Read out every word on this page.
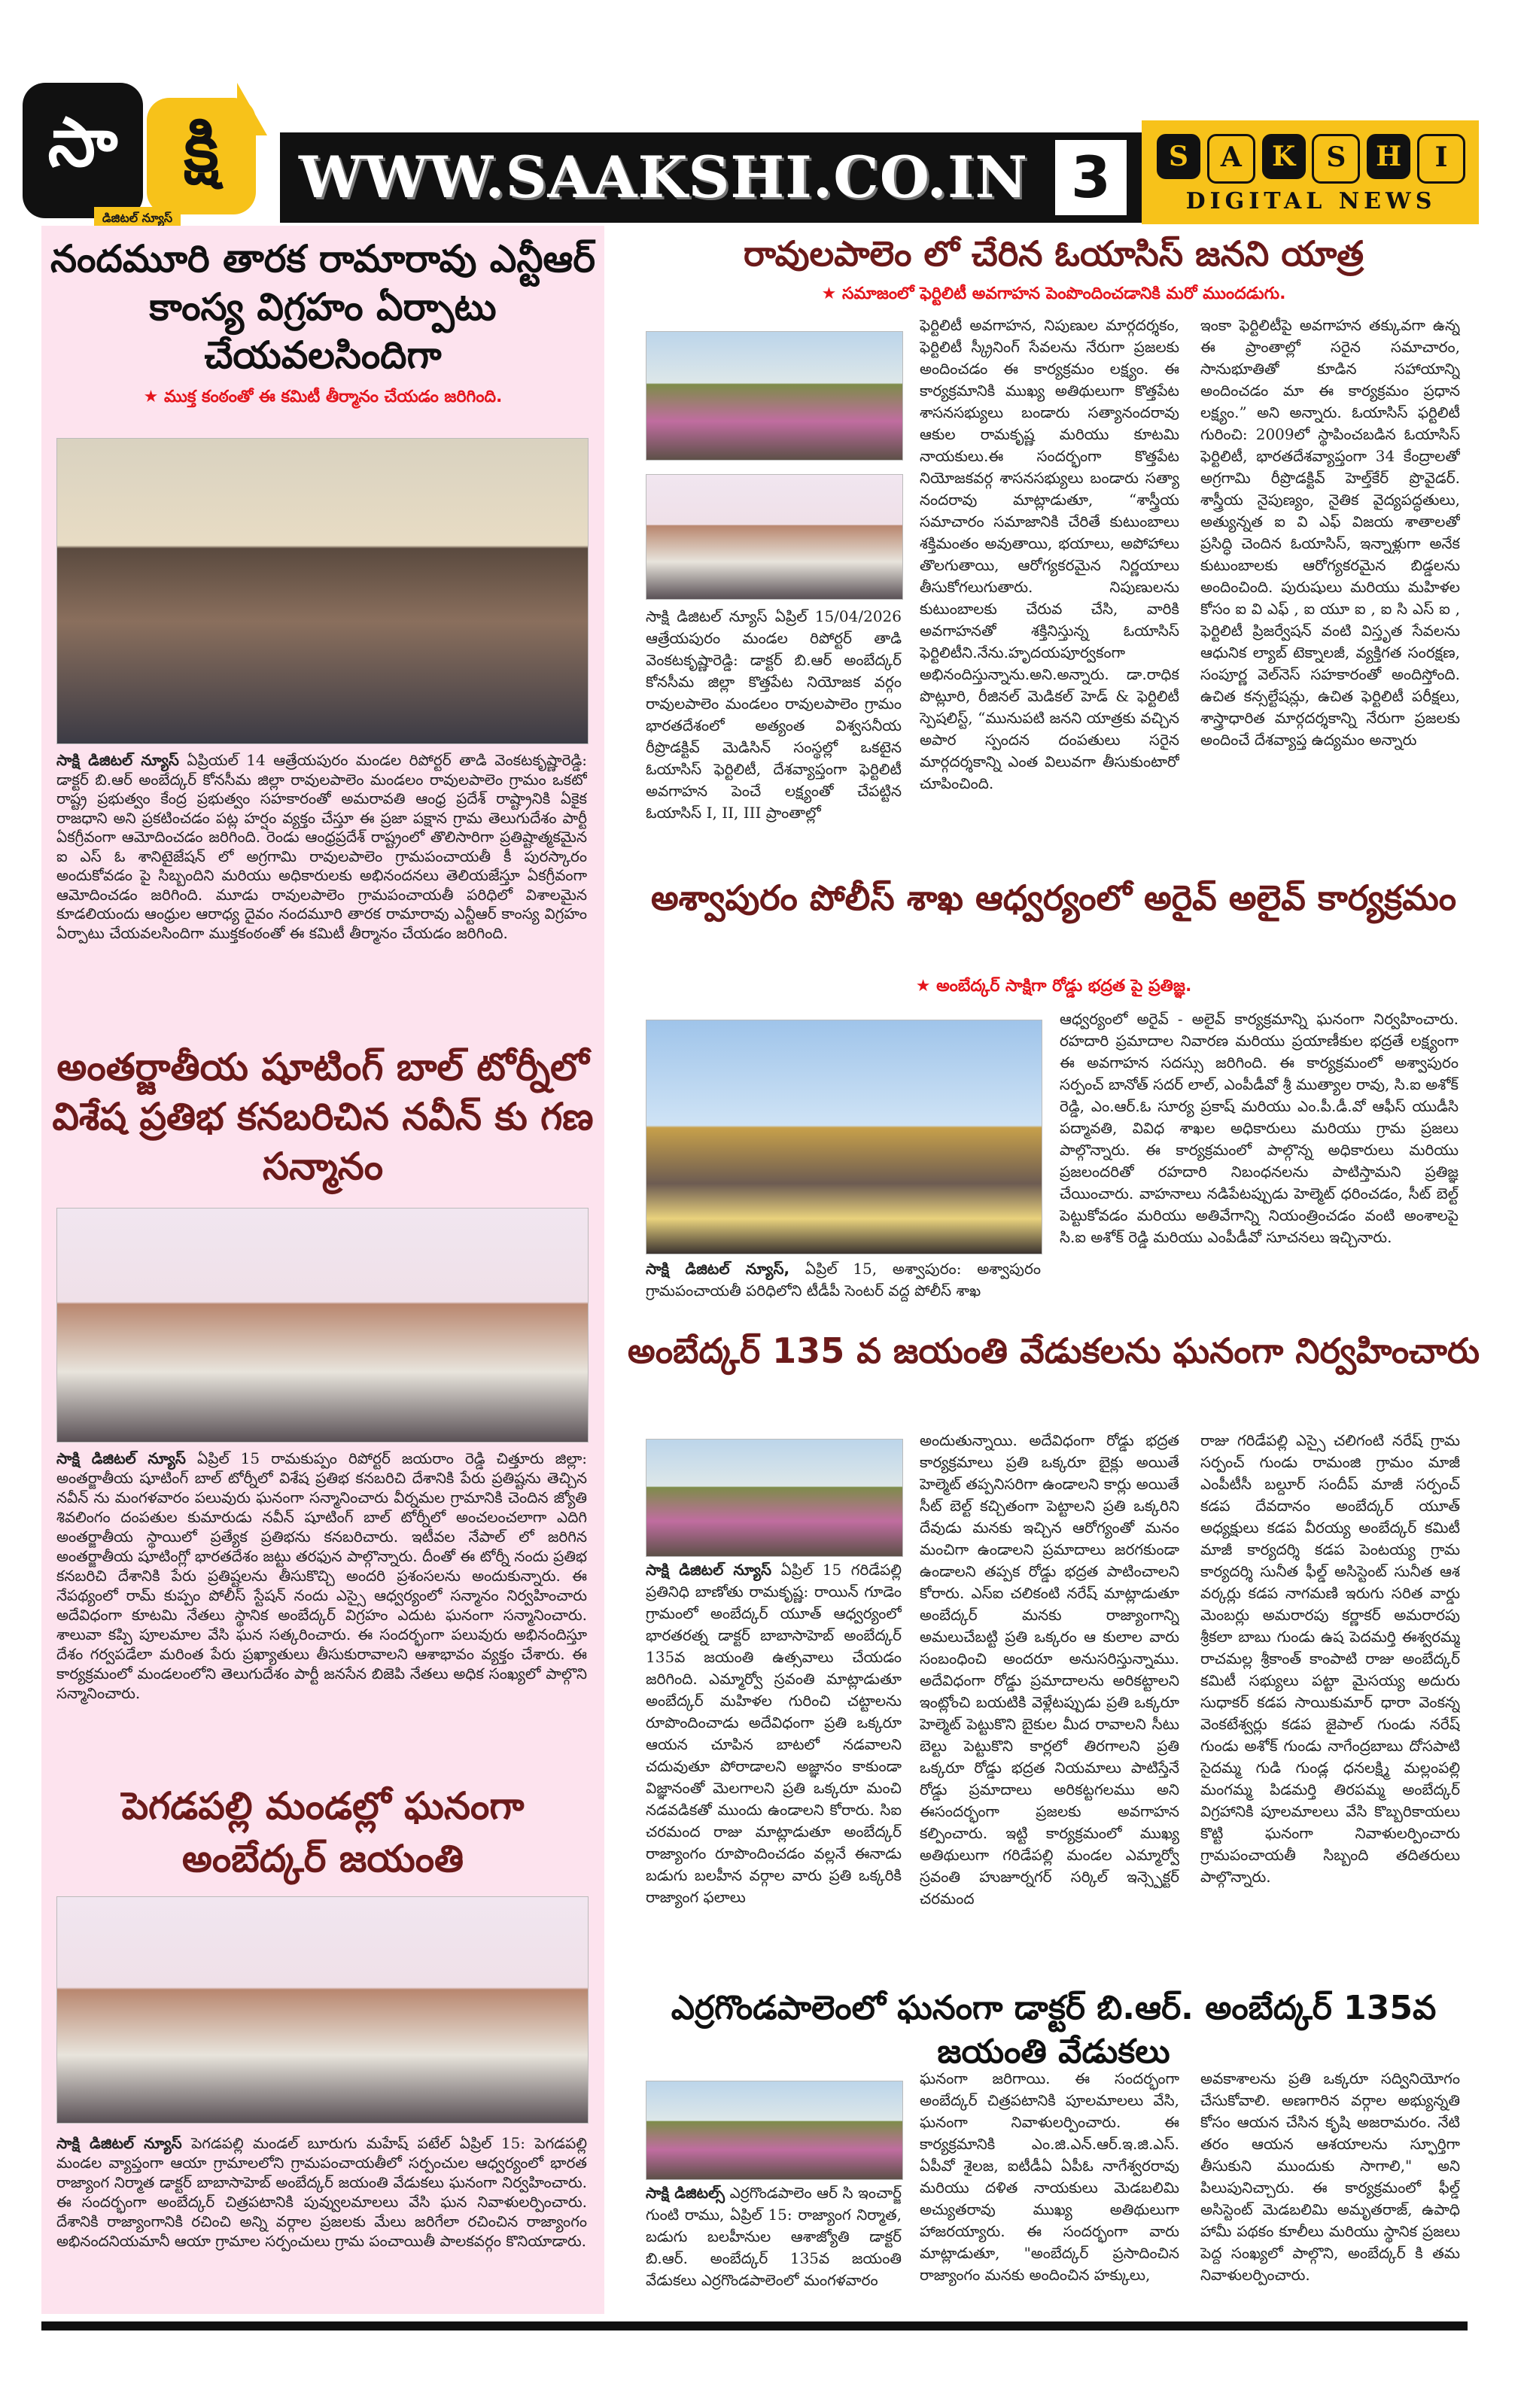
సా	క్షి
డిజిటల్ న్యూస్
WWW.SAAKSHI.CO.IN 3	S	A	K	S	H	I
DIGITAL NEWS
నందమూరి తారక రామారావు ఎన్టీఆర్ కాంస్య విగ్రహం ఏర్పాటు చేయవలసిందిగా
★ ముక్త కంఠంతో ఈ కమిటీ తీర్మానం చేయడం జరిగింది.
సాక్షి డిజిటల్ న్యూస్ ఏప్రియల్ 14 ఆత్రేయపురం మండల రిపోర్టర్ తాడి వెంకటకృష్ణారెడ్డి: డాక్టర్ బి.ఆర్ అంబేద్కర్ కోనసీమ జిల్లా రావులపాలెం మండలం రావులపాలెం గ్రామం ఒకటో రాష్ట్ర ప్రభుత్వం కేంద్ర ప్రభుత్వం సహకారంతో అమరావతి ఆంధ్ర ప్రదేశ్ రాష్ట్రానికి ఏకైక రాజధాని అని ప్రకటించడం పట్ల హర్షం వ్యక్తం చేస్తూ ఈ ప్రజా పక్షాన గ్రామ తెలుగుదేశం పార్టీ ఏకగ్రీవంగా ఆమోదించడం జరిగింది. రెండు ఆంధ్రప్రదేశ్ రాష్ట్రంలో తొలిసారిగా ప్రతిష్టాత్మకమైన ఐ ఎస్ ఓ శానిటైజేషన్ లో అగ్రగామి రావులపాలెం గ్రామపంచాయతీ కీ పురస్కారం అందుకోవడం పై సిబ్బందిని మరియు అధికారులకు అభినందనలు తెలియజేస్తూ ఏకగ్రీవంగా ఆమోదించడం జరిగింది. మూడు రావులపాలెం గ్రామపంచాయతీ పరిధిలో విశాలమైన కూడలియందు ఆంధ్రుల ఆరాధ్య దైవం నందమూరి తారక రామారావు ఎన్టీఆర్ కాంస్య విగ్రహం ఏర్పాటు చేయవలసిందిగా ముక్తకంఠంతో ఈ కమిటీ తీర్మానం చేయడం జరిగింది.
అంతర్జాతీయ షూటింగ్ బాల్ టోర్నీలో విశేష ప్రతిభ కనబరిచిన నవీన్ కు గణ సన్మానం
సాక్షి డిజిటల్ న్యూస్ ఏప్రిల్ 15 రామకుప్పం రిపోర్టర్ జయరాం రెడ్డి చిత్తూరు జిల్లా: అంతర్జాతీయ షూటింగ్ బాల్ టోర్నీలో విశేష ప్రతిభ కనబరిచి దేశానికి పేరు ప్రతిష్టను తెచ్చిన నవీన్ ను మంగళవారం పలువురు ఘనంగా సన్మానించారు వీర్నమల గ్రామానికి చెందిన జ్యోతి శివలింగం దంపతుల కుమారుడు నవీన్ షూటింగ్ బాల్ టోర్నీలో అంచలంచలాగా ఎదిగి అంతర్జాతీయ స్థాయిలో ప్రత్యేక ప్రతిభను కనబరిచారు. ఇటీవల నేపాల్ లో జరిగిన అంతర్జాతీయ షూటింగ్లో భారతదేశం జట్టు తరఫున పాల్గొన్నారు. దీంతో ఈ టోర్నీ నందు ప్రతిభ కనబరిచి దేశానికి పేరు ప్రతిష్టలను తీసుకొచ్చి అందరి ప్రశంసలను అందుకున్నారు. ఈ నేపథ్యంలో రామ్ కుప్పం పోలీస్ స్టేషన్ నందు ఎస్సై ఆధ్వర్యంలో సన్మానం నిర్వహించారు అదేవిధంగా కూటమి నేతలు స్థానిక అంబేద్కర్ విగ్రహం ఎదుట ఘనంగా సన్మానించారు. శాలువా కప్పి పూలమాల వేసి ఘన సత్కరించారు. ఈ సందర్భంగా పలువురు అభినందిస్తూ దేశం గర్వపడేలా మరింత పేరు ప్రఖ్యాతులు తీసుకురావాలని ఆశాభావం వ్యక్తం చేశారు. ఈ కార్యక్రమంలో మండలంలోని తెలుగుదేశం పార్టీ జనసేన బిజెపి నేతలు అధిక సంఖ్యలో పాల్గొని సన్మానించారు.
పెగడపల్లి మండల్లో ఘనంగా అంబేద్కర్ జయంతి
సాక్షి డిజిటల్ న్యూస్ పెగడపల్లి మండల్ బూరుగు మహేష్ పటేల్ ఏప్రిల్ 15: పెగడపల్లి మండల వ్యాప్తంగా ఆయా గ్రామాలలోని గ్రామపంచాయతీలో సర్పంచుల ఆధ్వర్యంలో భారత రాజ్యాంగ నిర్మాత డాక్టర్ బాబాసాహెబ్ అంబేద్కర్ జయంతి వేడుకలు ఘనంగా నిర్వహించారు. ఈ సందర్భంగా అంబేద్కర్ చిత్రపటానికి పువ్వులమాలలు వేసి ఘన నివాళులర్పించారు. దేశానికి రాజ్యాంగానికి రచించి అన్ని వర్గాల ప్రజలకు మేలు జరిగేలా రచించిన రాజ్యాంగం అభినందనియమానీ ఆయా గ్రామాల సర్పంచులు గ్రామ పంచాయితీ పాలకవర్గం కొనియాడారు.
రావులపాలెం లో చేరిన ఓయాసిస్ జనని యాత్ర
★ సమాజంలో ఫెర్టిలిటీ అవగాహన పెంపొందించడానికి మరో ముందడుగు.
సాక్షి డిజిటల్ న్యూస్ ఏప్రిల్ 15/04/2026 ఆత్రేయపురం మండల రిపోర్టర్ తాడి వెంకటకృష్ణారెడ్డి: డాక్టర్ బి.ఆర్ అంబేద్కర్ కోనసీమ జిల్లా కొత్తపేట నియోజక వర్గం రావులపాలెం మండలం రావులపాలెం గ్రామం భారతదేశంలో అత్యంత విశ్వసనీయ రీప్రొడక్టివ్ మెడిసిన్ సంస్థల్లో ఒకటైన ఓయాసిస్ ఫెర్టిలిటీ, దేశవ్యాప్తంగా ఫెర్టిలిటీ అవగాహన పెంచే లక్ష్యంతో చేపట్టిన ఓయాసిస్ I, II, III ప్రాంతాల్లో
ఫెర్టిలిటీ అవగాహన, నిపుణుల మార్గదర్శకం, ఫెర్టిలిటీ స్క్రీనింగ్ సేవలను నేరుగా ప్రజలకు అందించడం ఈ కార్యక్రమం లక్ష్యం. ఈ కార్యక్రమానికి ముఖ్య అతిథులుగా కొత్తపేట శాసనసభ్యులు బండారు సత్యానందరావు ఆకుల రామకృష్ణ మరియు కూటమి నాయకులు.ఈ సందర్భంగా కొత్తపేట నియోజకవర్గ శాసనసభ్యులు బండారు సత్యా నందరావు మాట్లాడుతూ, “శాస్త్రీయ సమాచారం సమాజానికి చేరితే కుటుంబాలు శక్తిమంతం అవుతాయి, భయాలు, అపోహాలు తొలగుతాయి, ఆరోగ్యకరమైన నిర్ణయాలు తీసుకోగలుగుతారు. నిపుణులను కుటుంబాలకు చేరువ చేసి, వారికి అవగాహనతో శక్తినిస్తున్న ఓయాసిస్ ఫెర్టిలిటీని.నేను.హృదయపూర్వకంగా అభినందిస్తున్నాను.అని.అన్నారు. డా.రాధిక పొట్లూరి, రీజినల్ మెడికల్ హెడ్ & ఫెర్టిలిటీ స్పెషలిస్ట్, “మునుపటి జనని యాత్రకు వచ్చిన అపార స్పందన దంపతులు సరైన మార్గదర్శకాన్ని ఎంత విలువగా తీసుకుంటారో చూపించింది.
ఇంకా ఫెర్టిలిటీపై అవగాహన తక్కువగా ఉన్న ఈ ప్రాంతాల్లో సరైన సమాచారం, సానుభూతితో కూడిన సహాయాన్ని అందించడం మా ఈ కార్యక్రమం ప్రధాన లక్ష్యం.” అని అన్నారు. ఓయాసిస్ ఫర్టిలిటీ గురించి: 2009లో స్థాపించబడిన ఓయాసిస్ ఫెర్టిలిటీ, భారతదేశవ్యాప్తంగా 34 కేంద్రాలతో అగ్రగామి రీప్రొడక్టివ్ హెల్త్‌కేర్ ప్రొవైడర్. శాస్త్రీయ నైపుణ్యం, నైతిక వైద్యపద్ధతులు, అత్యున్నత ఐ వి ఎఫ్ విజయ శాతాలతో ప్రసిద్ధి చెందిన ఓయాసిస్, ఇన్నాళ్లుగా అనేక కుటుంబాలకు ఆరోగ్యకరమైన బిడ్డలను అందించింది. పురుషులు మరియు మహిళల కోసం ఐ వి ఎఫ్ , ఐ యూ ఐ , ఐ సి ఎస్ ఐ , ఫెర్టిలిటీ ప్రిజర్వేషన్ వంటి విస్తృత సేవలను ఆధునిక ల్యాబ్ టెక్నాలజీ, వ్యక్తిగత సంరక్షణ, సంపూర్ణ వెల్‌నెస్ సహకారంతో అందిస్తోంది. ఉచిత కన్సల్టేషన్లు, ఉచిత ఫెర్టిలిటీ పరీక్షలు, శాస్త్రాధారిత మార్గదర్శకాన్ని నేరుగా ప్రజలకు అందించే దేశవ్యాప్త ఉద్యమం అన్నారు
అశ్వాపురం పోలీస్ శాఖ ఆధ్వర్యంలో అరైవ్ అలైవ్ కార్యక్రమం
★ అంబేద్కర్ సాక్షిగా రోడ్డు భద్రత పై ప్రతిజ్ఞ.
సాక్షి డిజిటల్ న్యూస్, ఏప్రిల్ 15, అశ్వాపురం: అశ్వాపురం గ్రామపంచాయతీ పరిధిలోని టీడీపీ సెంటర్ వద్ద పోలీస్ శాఖ
ఆధ్వర్యంలో అరైవ్ - అలైవ్ కార్యక్రమాన్ని ఘనంగా నిర్వహించారు. రహదారి ప్రమాదాల నివారణ మరియు ప్రయాణీకుల భద్రతే లక్ష్యంగా ఈ అవగాహన సదస్సు జరిగింది. ఈ కార్యక్రమంలో అశ్వాపురం సర్పంచ్ బానోత్ సదర్ లాల్, ఎంపీడీవో శ్రీ ముత్యాల రావు, సి.ఐ అశోక్ రెడ్డి, ఎం.ఆర్.ఓ సూర్య ప్రకాష్ మరియు ఎం.పీ.డీ.వో ఆఫీస్ యుడీసి పద్మావతి, వివిధ శాఖల అధికారులు మరియు గ్రామ ప్రజలు పాల్గొన్నారు. ఈ కార్యక్రమంలో పాల్గొన్న అధికారులు మరియు ప్రజలందరితో రహదారి నిబంధనలను పాటిస్తామని ప్రతిజ్ఞ చేయించారు. వాహనాలు నడిపేటప్పుడు హెల్మెట్ ధరించడం, సీట్ బెల్ట్ పెట్టుకోవడం మరియు అతివేగాన్ని నియంత్రించడం వంటి అంశాలపై సి.ఐ అశోక్ రెడ్డి మరియు ఎంపీడీవో సూచనలు ఇచ్చినారు.
అంబేద్కర్ 135 వ జయంతి వేడుకలను ఘనంగా నిర్వహించారు
సాక్షి డిజిటల్ న్యూస్ ఏప్రిల్ 15 గరిడేపల్లి ప్రతినిధి బాణోతు రామకృష్ణ: రాయిన్ గూడెం గ్రామంలో అంబేద్కర్ యూత్ ఆధ్వర్యంలో భారతరత్న డాక్టర్ బాబాసాహెబ్ అంబేద్కర్ 135వ జయంతి ఉత్సవాలు చేయడం జరిగింది. ఎమ్మార్వో స్రవంతి మాట్లాడుతూ అంబేద్కర్ మహిళల గురించి చట్టాలను రూపొందించాడు అదేవిధంగా ప్రతి ఒక్కరూ ఆయన చూపిన బాటలో నడవాలని చదువుతూ పోరాడాలని అజ్ఞానం కాకుండా విజ్ఞానంతో మెలగాలని ప్రతి ఒక్కరూ మంచి నడవడికతో ముందు ఉండాలని కోరారు. సిఐ చరమంద రాజు మాట్లాడుతూ అంబేద్కర్ రాజ్యాంగం రూపొందించడం వల్లనే ఈనాడు బడుగు బలహీన వర్గాల వారు ప్రతి ఒక్కరికి రాజ్యాంగ ఫలాలు
అందుతున్నాయి. అదేవిధంగా రోడ్డు భద్రత కార్యక్రమాలు ప్రతి ఒక్కరూ బైక్లు అయితే హెల్మెట్ తప్పనిసరిగా ఉండాలని కార్లు అయితే సీట్ బెల్ట్ కచ్చితంగా పెట్టాలని ప్రతి ఒక్కరిని దేవుడు మనకు ఇచ్చిన ఆరోగ్యంతో మనం మంచిగా ఉండాలని ప్రమాదాలు జరగకుండా ఉండాలని తప్పక రోడ్డు భద్రత పాటించాలని కోరారు. ఎస్ఐ చలికంటి నరేష్ మాట్లాడుతూ అంబేద్కర్ మనకు రాజ్యాంగాన్ని అమలుచేబట్టి ప్రతి ఒక్కరం ఆ కులాల వారు సంబంధించి అందరూ అనుసరిస్తున్నాము. అదేవిధంగా రోడ్డు ప్రమాదాలను అరికట్టాలని ఇంట్లోంచి బయటికి వెళ్లేటప్పుడు ప్రతి ఒక్కరూ హెల్మెట్ పెట్టుకొని బైకుల మీద రావాలని సీటు బెల్టు పెట్టుకొని కార్లలో తిరగాలని ప్రతి ఒక్కరూ రోడ్డు భద్రత నియమాలు పాటిస్తేనే రోడ్డు ప్రమాదాలు అరికట్టగలము అని ఈసందర్భంగా ప్రజలకు అవగాహన కల్పించారు. ఇట్టి కార్యక్రమంలో ముఖ్య అతిథులుగా గరిడేపల్లి మండల ఎమ్మార్వో స్రవంతి హుజూర్నగర్ సర్కిల్ ఇన్స్పెక్టర్ చరమంద
రాజు గరిడేపల్లి ఎస్సై చలిగంటి నరేష్ గ్రామ సర్పంచ్ గుండు రామంజి గ్రామం మాజీ ఎంపీటీసీ బల్దూర్ సందీప్ మాజీ సర్పంచ్ కడప దేవదానం అంబేద్కర్ యూత్ అధ్యక్షులు కడప వీరయ్య అంబేద్కర్ కమిటీ మాజీ కార్యదర్శి కడప పెంటయ్య గ్రామ కార్యదర్శి సునీత ఫీల్డ్ అసిస్టెంట్ సునీత ఆశ వర్కర్లు కడప నాగమణి ఇరుగు సరిత వార్డు మెంబర్లు అమరారపు కర్ణాకర్ అమరారపు శ్రీకలా బాబు గుండు ఉష పెదమర్తి ఈశ్వరమ్మ రాచమల్ల శ్రీకాంత్ కాంపాటి రాజు అంబేద్కర్ కమిటీ సభ్యులు పట్టా మైసయ్య అదురు సుధాకర్ కడప సాయికుమార్ ధారా వెంకన్న వెంకటేశ్వర్లు కడప జైపాల్ గుండు నరేష్ గుండు అశోక్ గుండు నాగేంద్రబాబు దోసపాటి సైదమ్మ గుడి గుండ్ల ధనలక్ష్మి మల్లంపల్లి మంగమ్మ పిడమర్తి తిరపమ్మ అంబేద్కర్ విగ్రహానికి పూలమాలలు వేసి కొబ్బరికాయలు కొట్టి ఘనంగా నివాళులర్పించారు గ్రామపంచాయతీ సిబ్బంది తదితరులు పాల్గొన్నారు.
ఎర్రగొండపాలెంలో ఘనంగా డాక్టర్ బి.ఆర్. అంబేద్కర్ 135వ జయంతి వేడుకలు
సాక్షి డిజిటల్స్ ఎర్రగొండపాలెం ఆర్ సి ఇంచార్జ్ గుంటి రాము, ఏప్రిల్ 15: రాజ్యాంగ నిర్మాత, బడుగు బలహీనుల ఆశాజ్యోతి డాక్టర్ బి.ఆర్. అంబేద్కర్ 135వ జయంతి వేడుకలు ఎర్రగొండపాలెంలో మంగళవారం
ఘనంగా జరిగాయి. ఈ సందర్భంగా అంబేద్కర్ చిత్రపటానికి పూలమాలలు వేసి, ఘనంగా నివాళులర్పించారు. ఈ కార్యక్రమానికి ఎం.జి.ఎన్.ఆర్.ఇ.జి.ఎస్. ఏపీవో శైలజ, ఐటీడీఏ ఏపీఓ నాగేశ్వరరావు మరియు దళిత నాయకులు మెడబలిమి అచ్యుతరావు ముఖ్య అతిథులుగా హాజరయ్యారు. ఈ సందర్భంగా వారు మాట్లాడుతూ, "అంబేద్కర్ ప్రసాదించిన రాజ్యాంగం మనకు అందించిన హక్కులు,
అవకాశాలను ప్రతి ఒక్కరూ సద్వినియోగం చేసుకోవాలి. అణగారిన వర్గాల అభ్యున్నతి కోసం ఆయన చేసిన కృషి అజరామరం. నేటి తరం ఆయన ఆశయాలను స్ఫూర్తిగా తీసుకుని ముందుకు సాగాలి," అని పిలుపునిచ్చారు. ఈ కార్యక్రమంలో ఫీల్డ్ అసిస్టెంట్ మెడబలిమి అమృతరాజ్, ఉపాధి హామీ పథకం కూలీలు మరియు స్థానిక ప్రజలు పెద్ద సంఖ్యలో పాల్గొని, అంబేద్కర్ కి తమ నివాళులర్పించారు.
